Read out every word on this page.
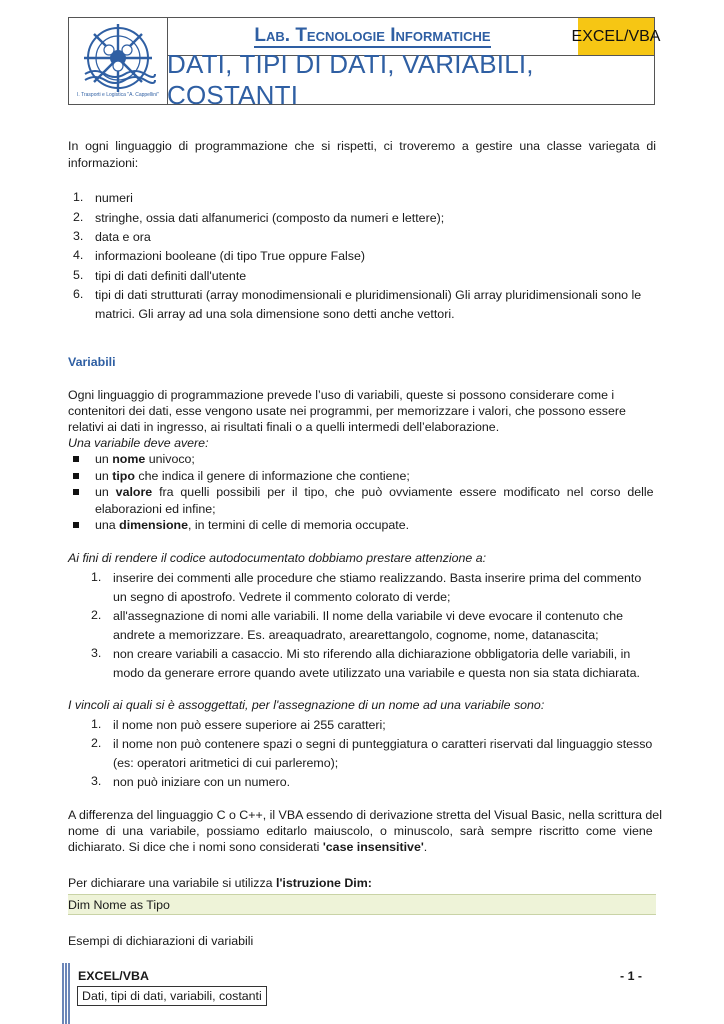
I. Trasporti e Logistica "A. Cappellini"
Lab. Tecnologie Informatiche	EXCEL/VBA
DATI, TIPI DI DATI, VARIABILI, COSTANTI
In ogni linguaggio di programmazione che si rispetti, ci troveremo a gestire una classe variegata di informazioni:
1. numeri
2. stringhe, ossia dati alfanumerici (composto da numeri e lettere);
3. data e ora
4. informazioni booleane (di tipo True oppure False)
5. tipi di dati definiti dall'utente
6. tipi di dati strutturati (array monodimensionali e pluridimensionali) Gli array pluridimensionali sono le
matrici. Gli array ad una sola dimensione sono detti anche vettori.
Variabili
Ogni linguaggio di programmazione prevede l’uso di variabili, queste si possono considerare come i
contenitori dei dati, esse vengono usate nei programmi, per memorizzare i valori, che possono essere
relativi ai dati in ingresso, ai risultati finali o a quelli intermedi dell’elaborazione.
Una variabile deve avere:
un nome univoco;
un tipo che indica il genere di informazione che contiene;
un  valore  fra  quelli  possibili  per  il  tipo,  che  può  ovviamente  essere  modificato  nel  corso  delle
elaborazioni ed infine;
una dimensione, in termini di celle di memoria occupate.
Ai fini di rendere il codice autodocumentato dobbiamo prestare attenzione a:
1. inserire dei commenti alle procedure che stiamo realizzando. Basta inserire prima del commento
un segno di apostrofo. Vedrete il commento colorato di verde;
2. all'assegnazione di nomi alle variabili. Il nome della variabile vi deve evocare il contenuto che
andrete a memorizzare. Es. areaquadrato, arearettangolo, cognome, nome, datanascita;
3. non creare variabili a casaccio. Mi sto riferendo alla dichiarazione obbligatoria delle variabili, in
modo da generare errore quando avete utilizzato una variabile e questa non sia stata dichiarata.
I vincoli ai quali si è assoggettati, per l'assegnazione di un nome ad una variabile sono:
1. il nome non può essere superiore ai 255 caratteri;
2. il nome non può contenere spazi o segni di punteggiatura o caratteri riservati dal linguaggio stesso
(es: operatori aritmetici di cui parleremo);
3. non può iniziare con un numero.
A differenza del linguaggio C o C++, il VBA essendo di derivazione stretta del Visual Basic, nella scrittura del
nome  di  una  variabile,  possiamo  editarlo  maiuscolo,  o  minuscolo,  sarà  sempre  riscritto  come  viene
dichiarato. Si dice che i nomi sono considerati 'case insensitive'.
Per dichiarare una variabile si utilizza l'istruzione Dim:
Dim Nome as Tipo
Esempi di dichiarazioni di variabili
EXCEL/VBA	- 1 -
Dati, tipi di dati, variabili, costanti
